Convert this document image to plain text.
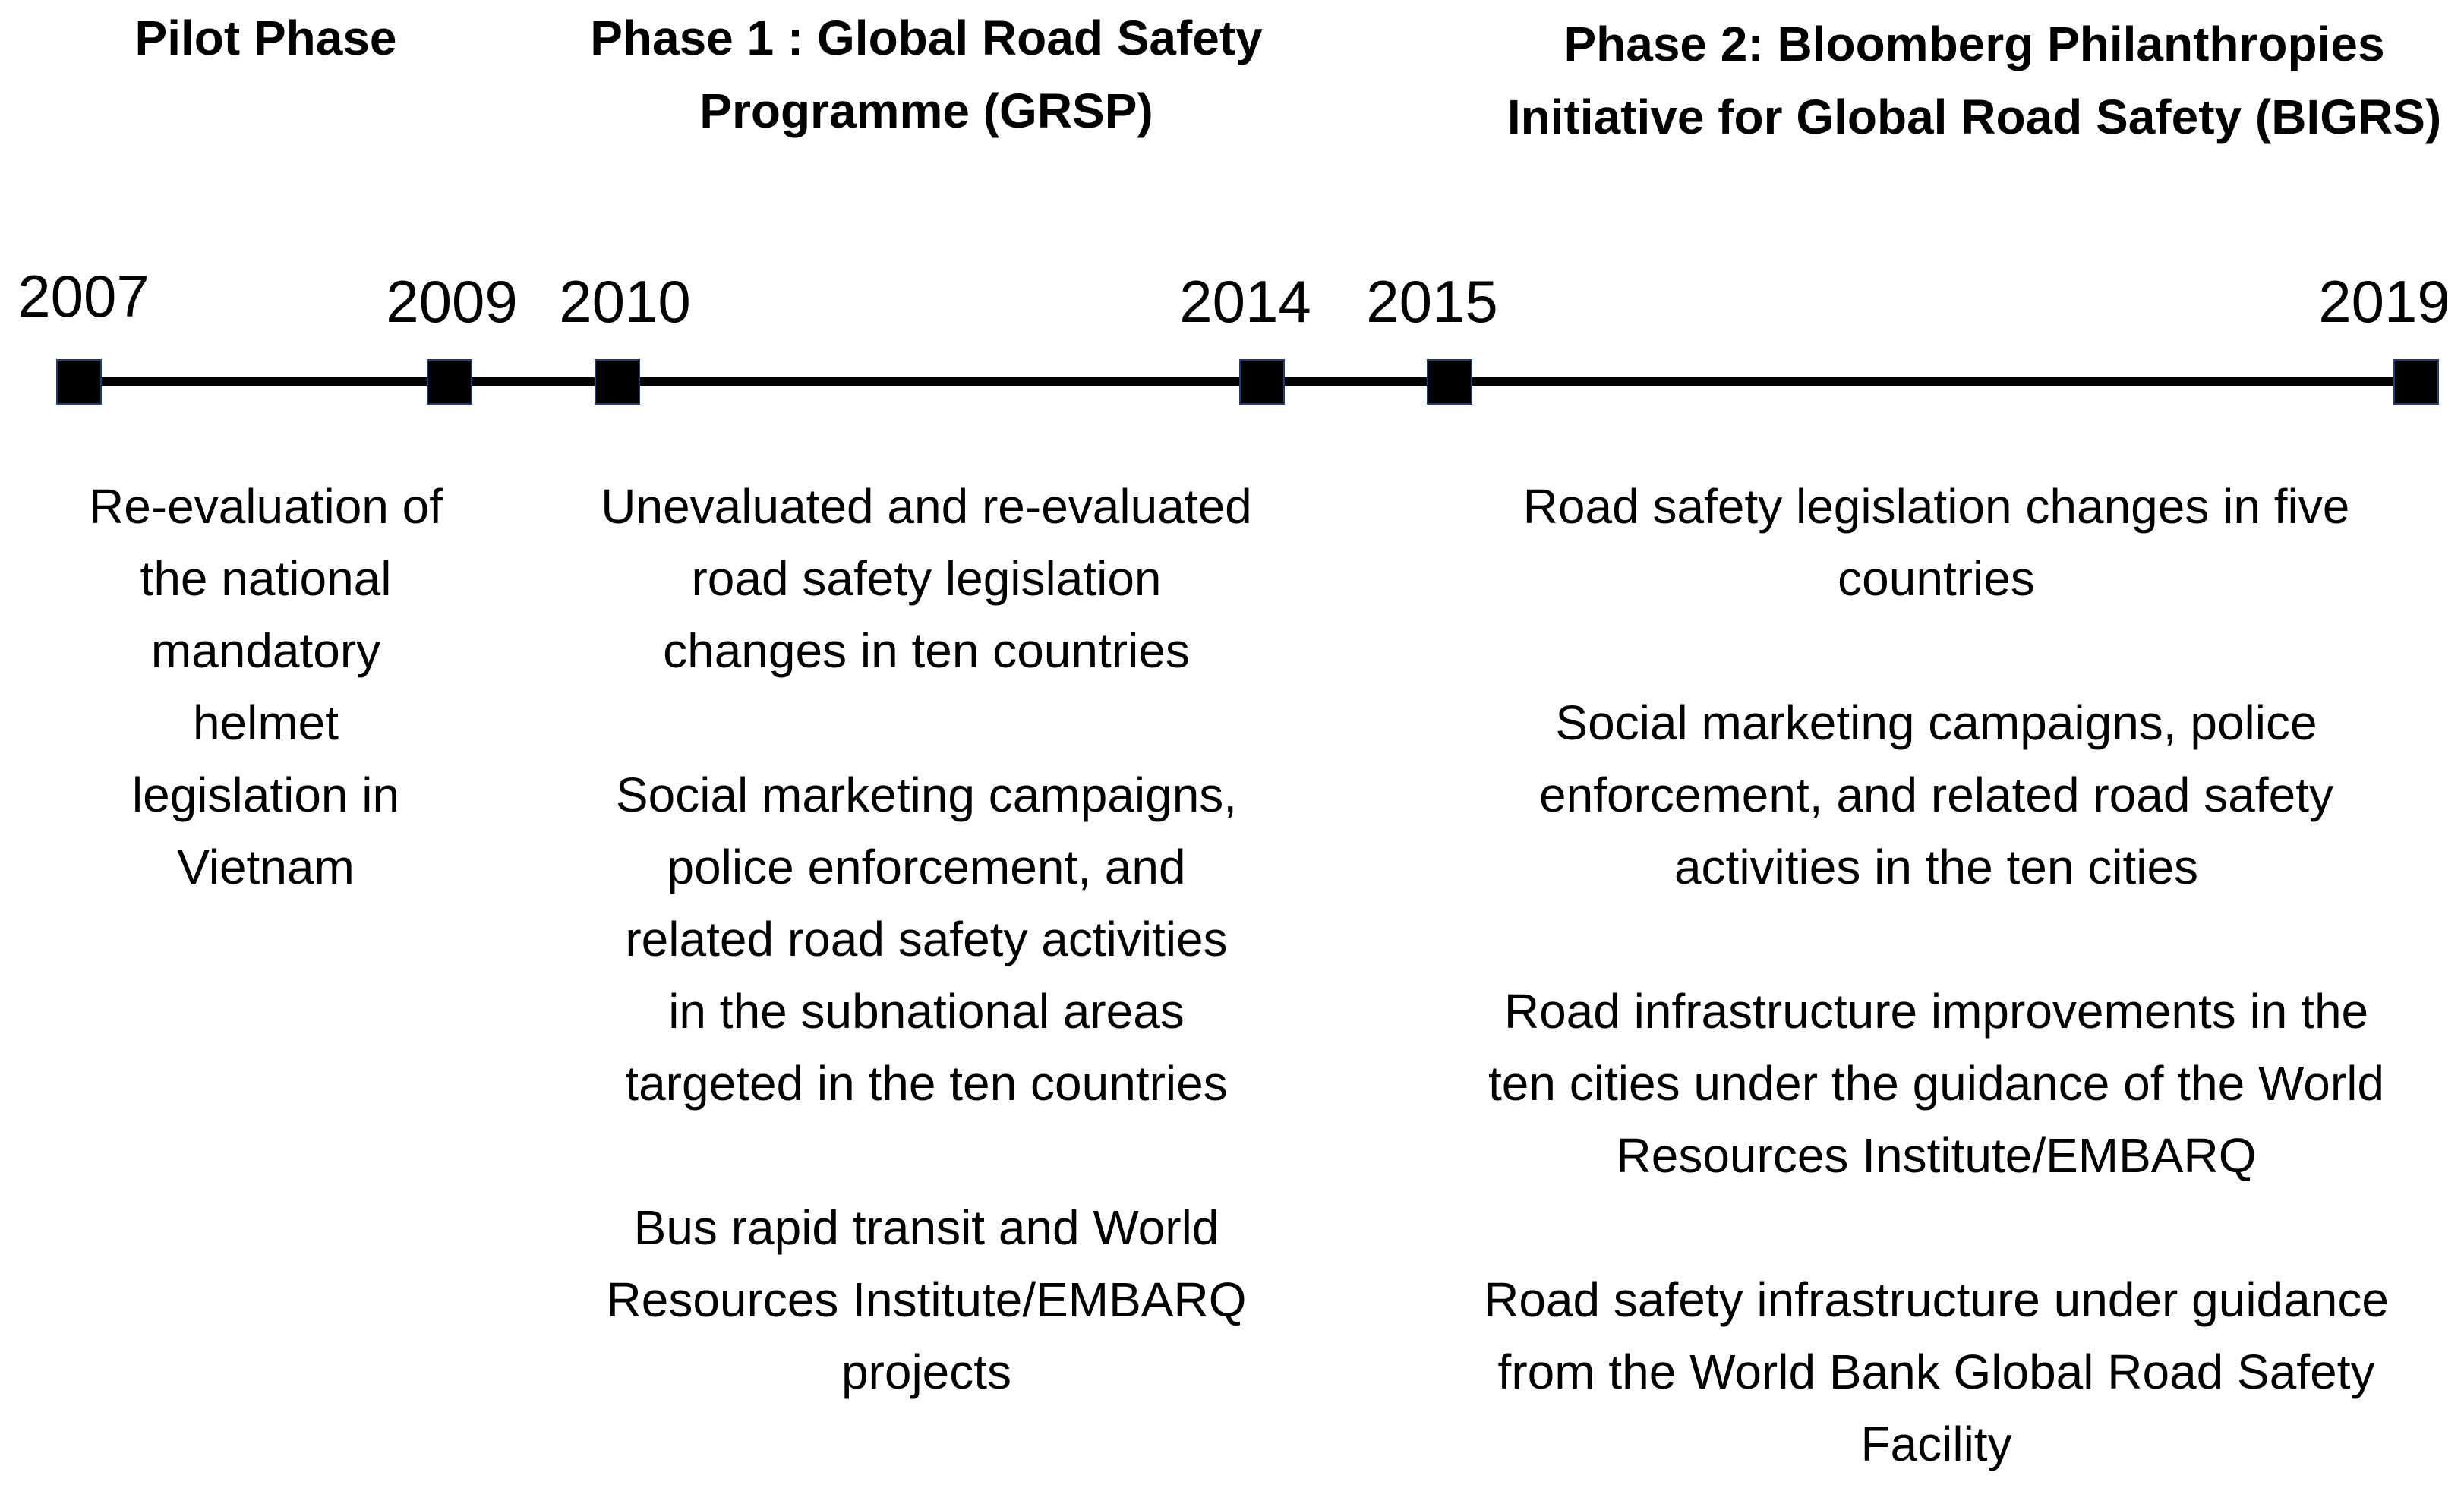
Pilot Phase	Phase 1 : Global Road Safety
Programme (GRSP)
Phase 2: Bloomberg Philanthropies
Initiative for Global Road Safety (BIGRS)
2007	2009 2010	2014 2015	2019
Re-evaluation of
the national
mandatory
helmet
legislation in
Vietnam
Unevaluated and re-evaluated
road safety legislation
changes in ten countries
Social marketing campaigns,
police enforcement, and
related road safety activities
in the subnational areas
targeted in the ten countries
Bus rapid transit and World
Resources Institute/EMBARQ
projects
Road safety legislation changes in five
countries
Social marketing campaigns, police
enforcement, and related road safety
activities in the ten cities
Road infrastructure improvements in the
ten cities under the guidance of the World
Resources Institute/EMBARQ
Road safety infrastructure under guidance
from the World Bank Global Road Safety
Facility
